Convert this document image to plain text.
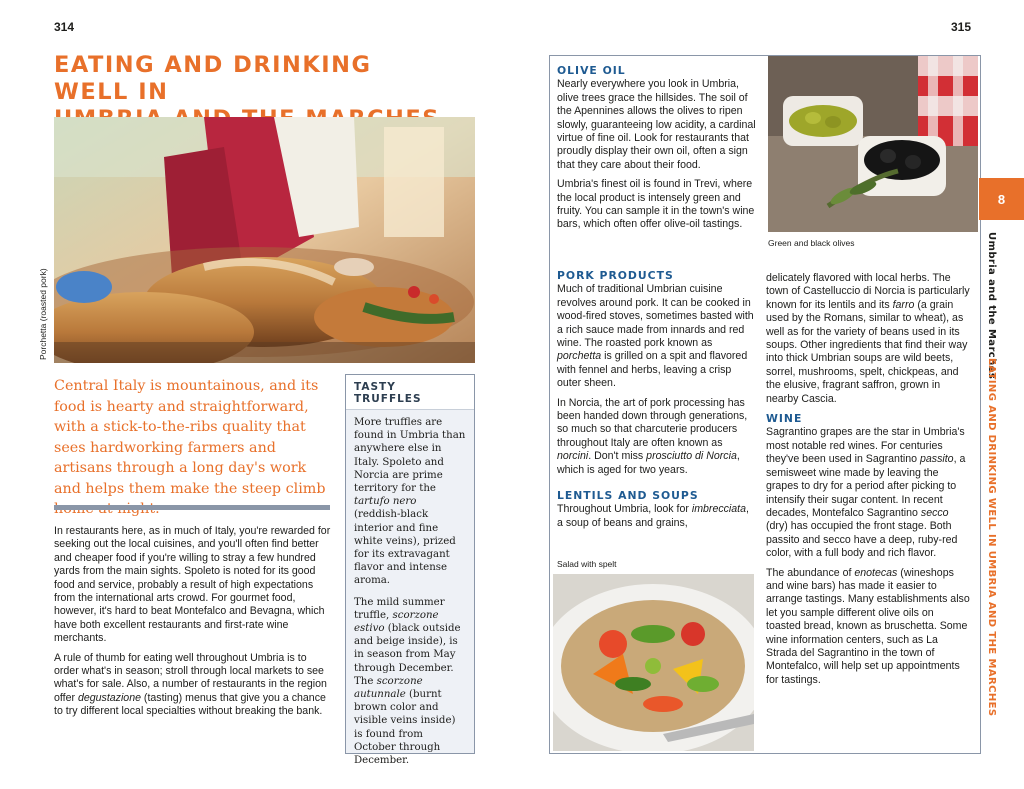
314
EATING AND DRINKING WELL IN

Porchetta (roasted pork)

Central Italy is mountainous, and its food is hearty and straightforward, with a stick-to-the-ribs quality that sees hardworking farmers and artisans through a long day's work and helps them make the steep climb

In restaurants here, as in much of Italy, you're rewarded for seeking out the local cuisines, and you'll often find better and cheaper food if you're willing to stray a few hundred yards from the main sights. Spoleto is noted for its good food and service, probably a result of high expectations from the international arts crowd. For gourmet food, however, it's hard to beat Montefalco and Bevagna, which have both excellent restaurants and first-rate wine merchants.

A rule of thumb for eating well throughout Umbria is to order what's in season; stroll through local markets to see what's for sale. Also, a number of restaurants in the region offer degustazione (tasting) menus that give you a chance to try different local specialties without breaking the bank.

TASTY TRUFFLES

More truffles are found in Umbria than anywhere else in Italy. Spoleto and Norcia are prime territory for the tartufo nero (reddish-black interior and fine white veins), prized for its extravagant flavor and intense aroma.

The mild summer truffle, scorzone estivo (black outside and beige inside), is in season from May through December. The scorzone autunnale (burnt brown color and visible veins inside) is found from October through December.

315
OLIVE OIL

Nearly everywhere you look in Umbria, olive trees grace the hillsides. The soil of the Apennines allows the olives to ripen slowly, guaranteeing low acidity, a cardinal virtue of fine oil. Look for restaurants that proudly display their own oil, often a sign that they care about their food.

Umbria's finest oil is found in Trevi, where the local product is intensely green and fruity. You can sample it in the town's wine bars, which often offer olive-oil tastings.

PORK PRODUCTS

Much of traditional Umbrian cuisine revolves around pork. It can be cooked in wood-fired stoves, sometimes basted with a rich sauce made from innards and red wine. The roasted pork known as porchetta is grilled on a spit and flavored with fennel and herbs, leaving a crisp outer sheen.

In Norcia, the art of pork processing has been handed down through generations, so much so that charcuterie producers throughout Italy are often known as norcini. Don't miss prosciutto di Norcia, which is aged for two years.

LENTILS AND SOUPS

Throughout Umbria, look for imbrecciata, a soup of beans and grains,

Salad with spelt
Green and black olives

delicately flavored with local herbs. The town of Castelluccio di Norcia is particularly known for its lentils and its farro (a grain used by the Romans, similar to wheat), as well as for the variety of beans used in its soups. Other ingredients that find their way into thick Umbrian soups are wild beets, sorrel, mushrooms, spelt, chickpeas, and the elusive, fragrant saffron, grown in nearby Cascia.

WINE

Sagrantino grapes are the star in Umbria's most notable red wines. For centuries they've been used in Sagrantino passito, a semisweet wine made by leaving the grapes to dry for a period after picking to intensify their sugar content. In recent decades, Montefalco Sagrantino secco (dry) has occupied the front stage. Both passito and secco have a deep, ruby-red color, with a full body and rich flavor.

The abundance of enotecas (wineshops and wine bars) has made it easier to arrange tastings. Many establishments also let you sample different olive oils on toasted bread, known as bruschetta. Some wine information centers, such as La Strada del Sagrantino in the town of Montefalco, will help set up appointments for tastings.

8
Umbria and the Marches
EATING AND DRINKING WELL IN UMBRIA AND THE MARCHES
